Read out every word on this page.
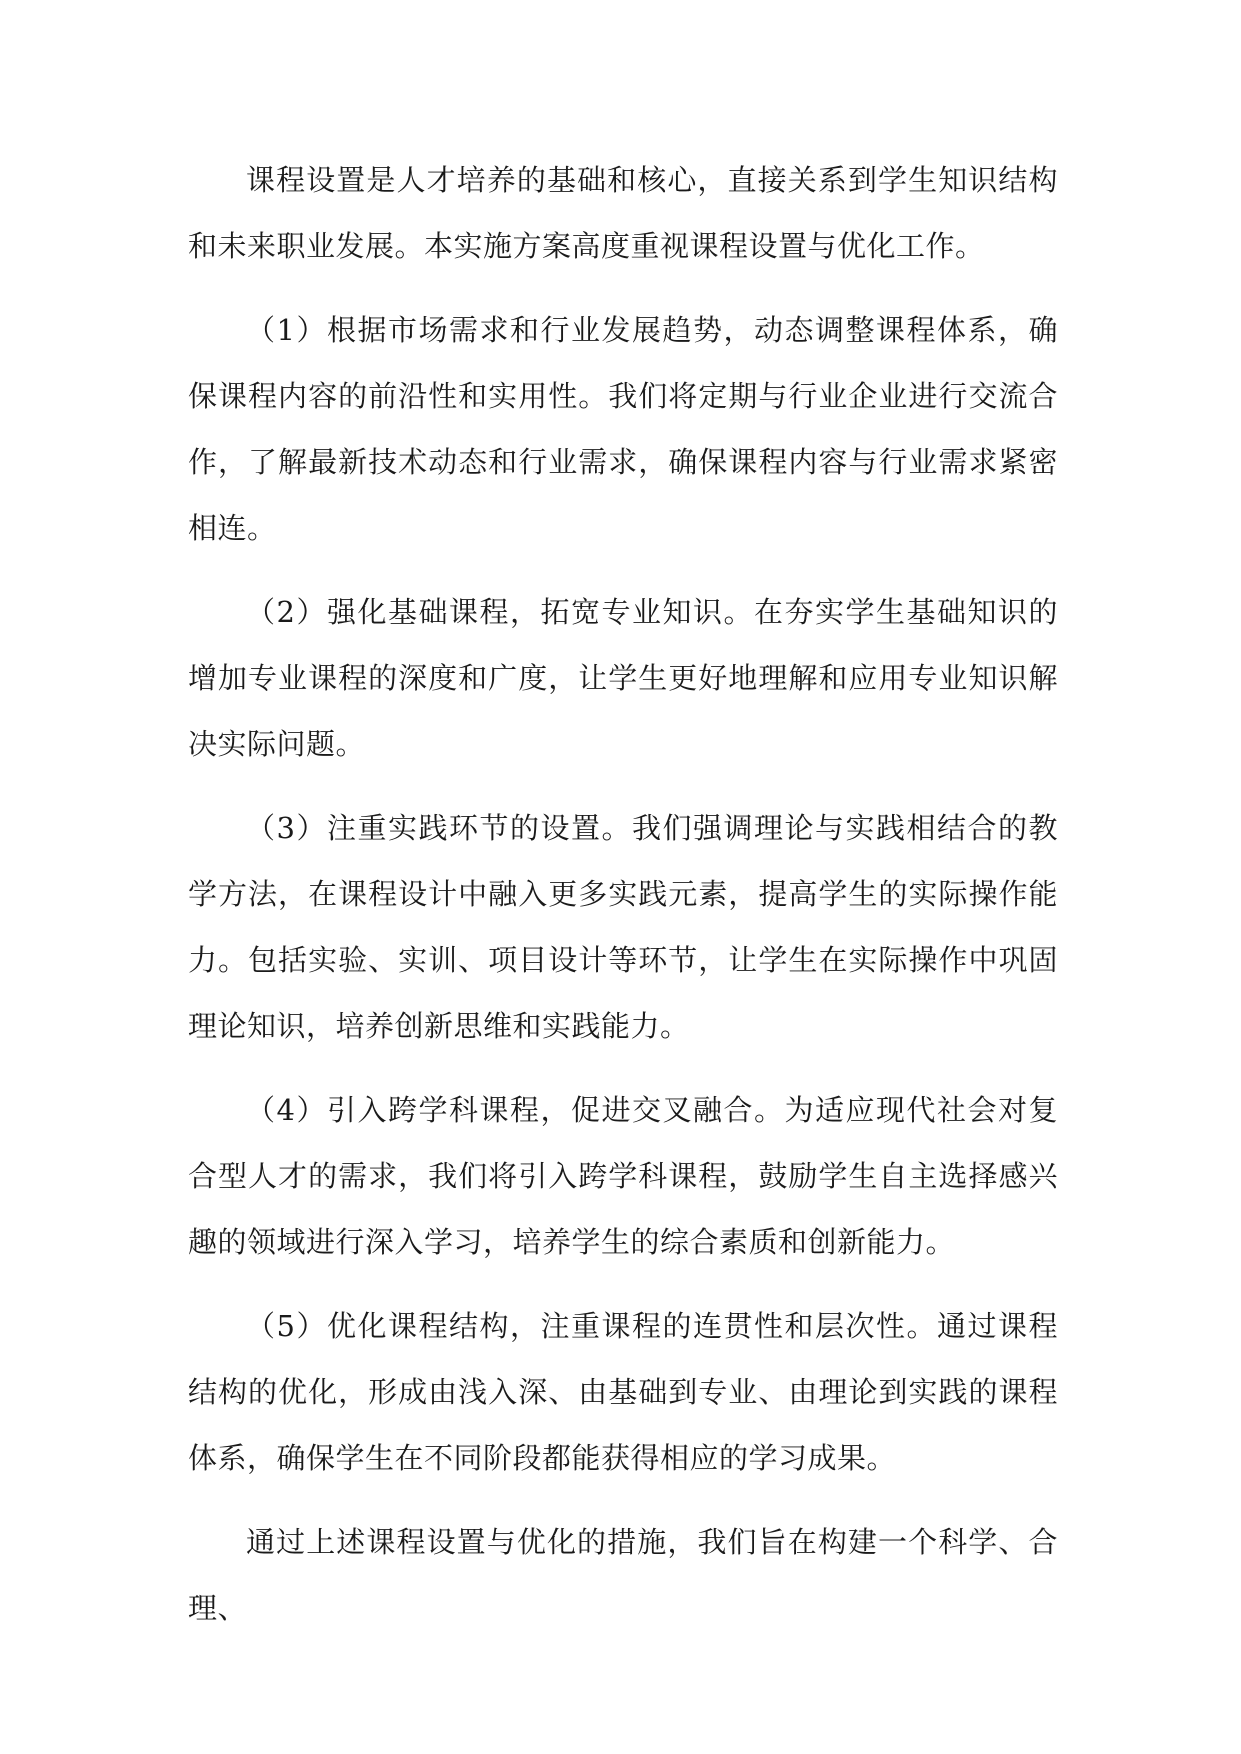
课程设置是人才培养的基础和核心，直接关系到学生知识结构和未来职业发展。本实施方案高度重视课程设置与优化工作。

（1）根据市场需求和行业发展趋势，动态调整课程体系，确保课程内容的前沿性和实用性。我们将定期与行业企业进行交流合作，了解最新技术动态和行业需求，确保课程内容与行业需求紧密相连。

（2）强化基础课程，拓宽专业知识。在夯实学生基础知识的增加专业课程的深度和广度，让学生更好地理解和应用专业知识解决实际问题。

（3）注重实践环节的设置。我们强调理论与实践相结合的教学方法，在课程设计中融入更多实践元素，提高学生的实际操作能力。包括实验、实训、项目设计等环节，让学生在实际操作中巩固理论知识，培养创新思维和实践能力。

（4）引入跨学科课程，促进交叉融合。为适应现代社会对复合型人才的需求，我们将引入跨学科课程，鼓励学生自主选择感兴趣的领域进行深入学习，培养学生的综合素质和创新能力。

（5）优化课程结构，注重课程的连贯性和层次性。通过课程结构的优化，形成由浅入深、由基础到专业、由理论到实践的课程体系，确保学生在不同阶段都能获得相应的学习成果。

通过上述课程设置与优化的措施，我们旨在构建一个科学、合理、
